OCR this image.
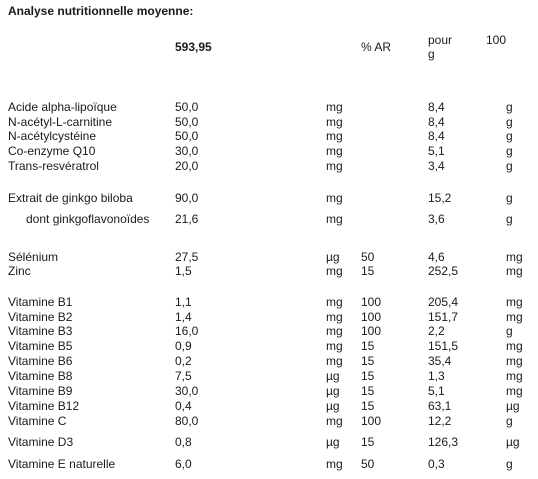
Analyse nutritionnelle moyenne:
593,95	% AR	pour
g
100
Acide alpha-lipoïque	50,0	mg	8,4	g
N-acétyl-L-carnitine	50,0	mg	8,4	g
N-acétylcystéine	50,0	mg	8,4	g
Co-enzyme Q10	30,0	mg	5,1	g
Trans-resvératrol	20,0	mg	3,4	g
Extrait de ginkgo biloba	90,0	mg	15,2	g
dont ginkgoflavonoïdes 21,6	mg	3,6	g
Sélénium	27,5	µg 50	4,6	mg
Zinc	1,5	mg 15	252,5	mg
Vitamine B1	1,1	mg 100	205,4	mg
Vitamine B2	1,4	mg 100	151,7	mg
Vitamine B3	16,0	mg 100	2,2	g
Vitamine B5	0,9	mg 15	151,5	mg
Vitamine B6	0,2	mg 15	35,4	mg
Vitamine B8	7,5	µg 15	1,3	mg
Vitamine B9	30,0	µg 15	5,1	mg
Vitamine B12	0,4	µg 15	63,1	µg
Vitamine C	80,0	mg 100	12,2	g
Vitamine D3	0,8	µg 15	126,3	µg
Vitamine E naturelle	6,0	mg 50	0,3	g
